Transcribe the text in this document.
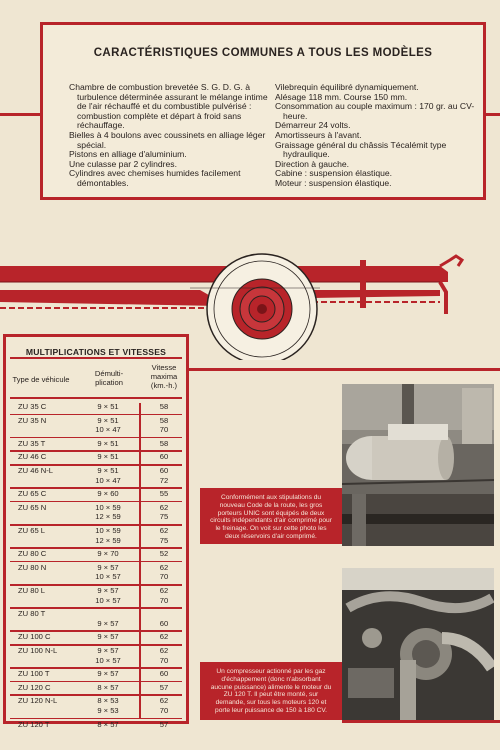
CARACTÉRISTIQUES COMMUNES A TOUS LES MODÈLES
Chambre de combustion brevetée S. G. D. G. à turbulence déterminée assurant le mélange intime de l'air réchauffé et du combustible pulvérisé : combustion complète et départ à froid sans réchauffage.
Bielles à 4 boulons avec coussinets en alliage léger spécial.
Pistons en alliage d'aluminium.
Une culasse par 2 cylindres.
Cylindres avec chemises humides facilement démontables.
Vilebrequin équilibré dynamiquement.
Alésage 118 mm. Course 150 mm.
Consommation au couple maximum : 170 gr. au CV-heure.
Démarreur 24 volts.
Amortisseurs à l'avant.
Graissage général du châssis Técalémit type hydraulique.
Direction à gauche.
Cabine : suspension élastique.
Moteur : suspension élastique.
MULTIPLICATIONS ET VITESSES
Type de véhicule
Démulti-
plication
Vitesse
maxima
(km.-h.)
ZU 35 C	9 × 51	58
ZU 35 N	9 × 51	58
10 × 47	70
ZU 35 T	9 × 51	58
ZU 46 C	9 × 51	60
ZU 46 N-L	9 × 51	60
10 × 47	72
ZU 65 C	9 × 60	55
ZU 65 N	10 × 59	62
12 × 59	75
ZU 65 L	10 × 59	62
12 × 59	75
ZU 80 C	9 × 70	52
ZU 80 N	9 × 57	62
10 × 57	70
ZU 80 L	9 × 57	62
10 × 57	70
ZU 80 T
9 × 57	60
ZU 100 C	9 × 57	62
ZU 100 N-L	9 × 57	62
10 × 57	70
ZU 100 T	9 × 57	60
ZU 120 C	8 × 57	57
ZU 120 N-L	8 × 53	62
9 × 53	70
ZU 120 T	8 × 57	57
Conformément aux stipulations du nouveau Code de la route, les gros porteurs UNIC sont équipés de deux circuits indépendants d'air comprimé pour le freinage. On voit sur cette photo les deux réservoirs d'air comprimé.
Un compresseur actionné par les gaz d'échappement (donc n'absorbant aucune puissance) alimente le moteur du ZU 120 T. Il peut être monté, sur demande, sur tous les moteurs 120 et porte leur puissance de 150 à 180 CV.
